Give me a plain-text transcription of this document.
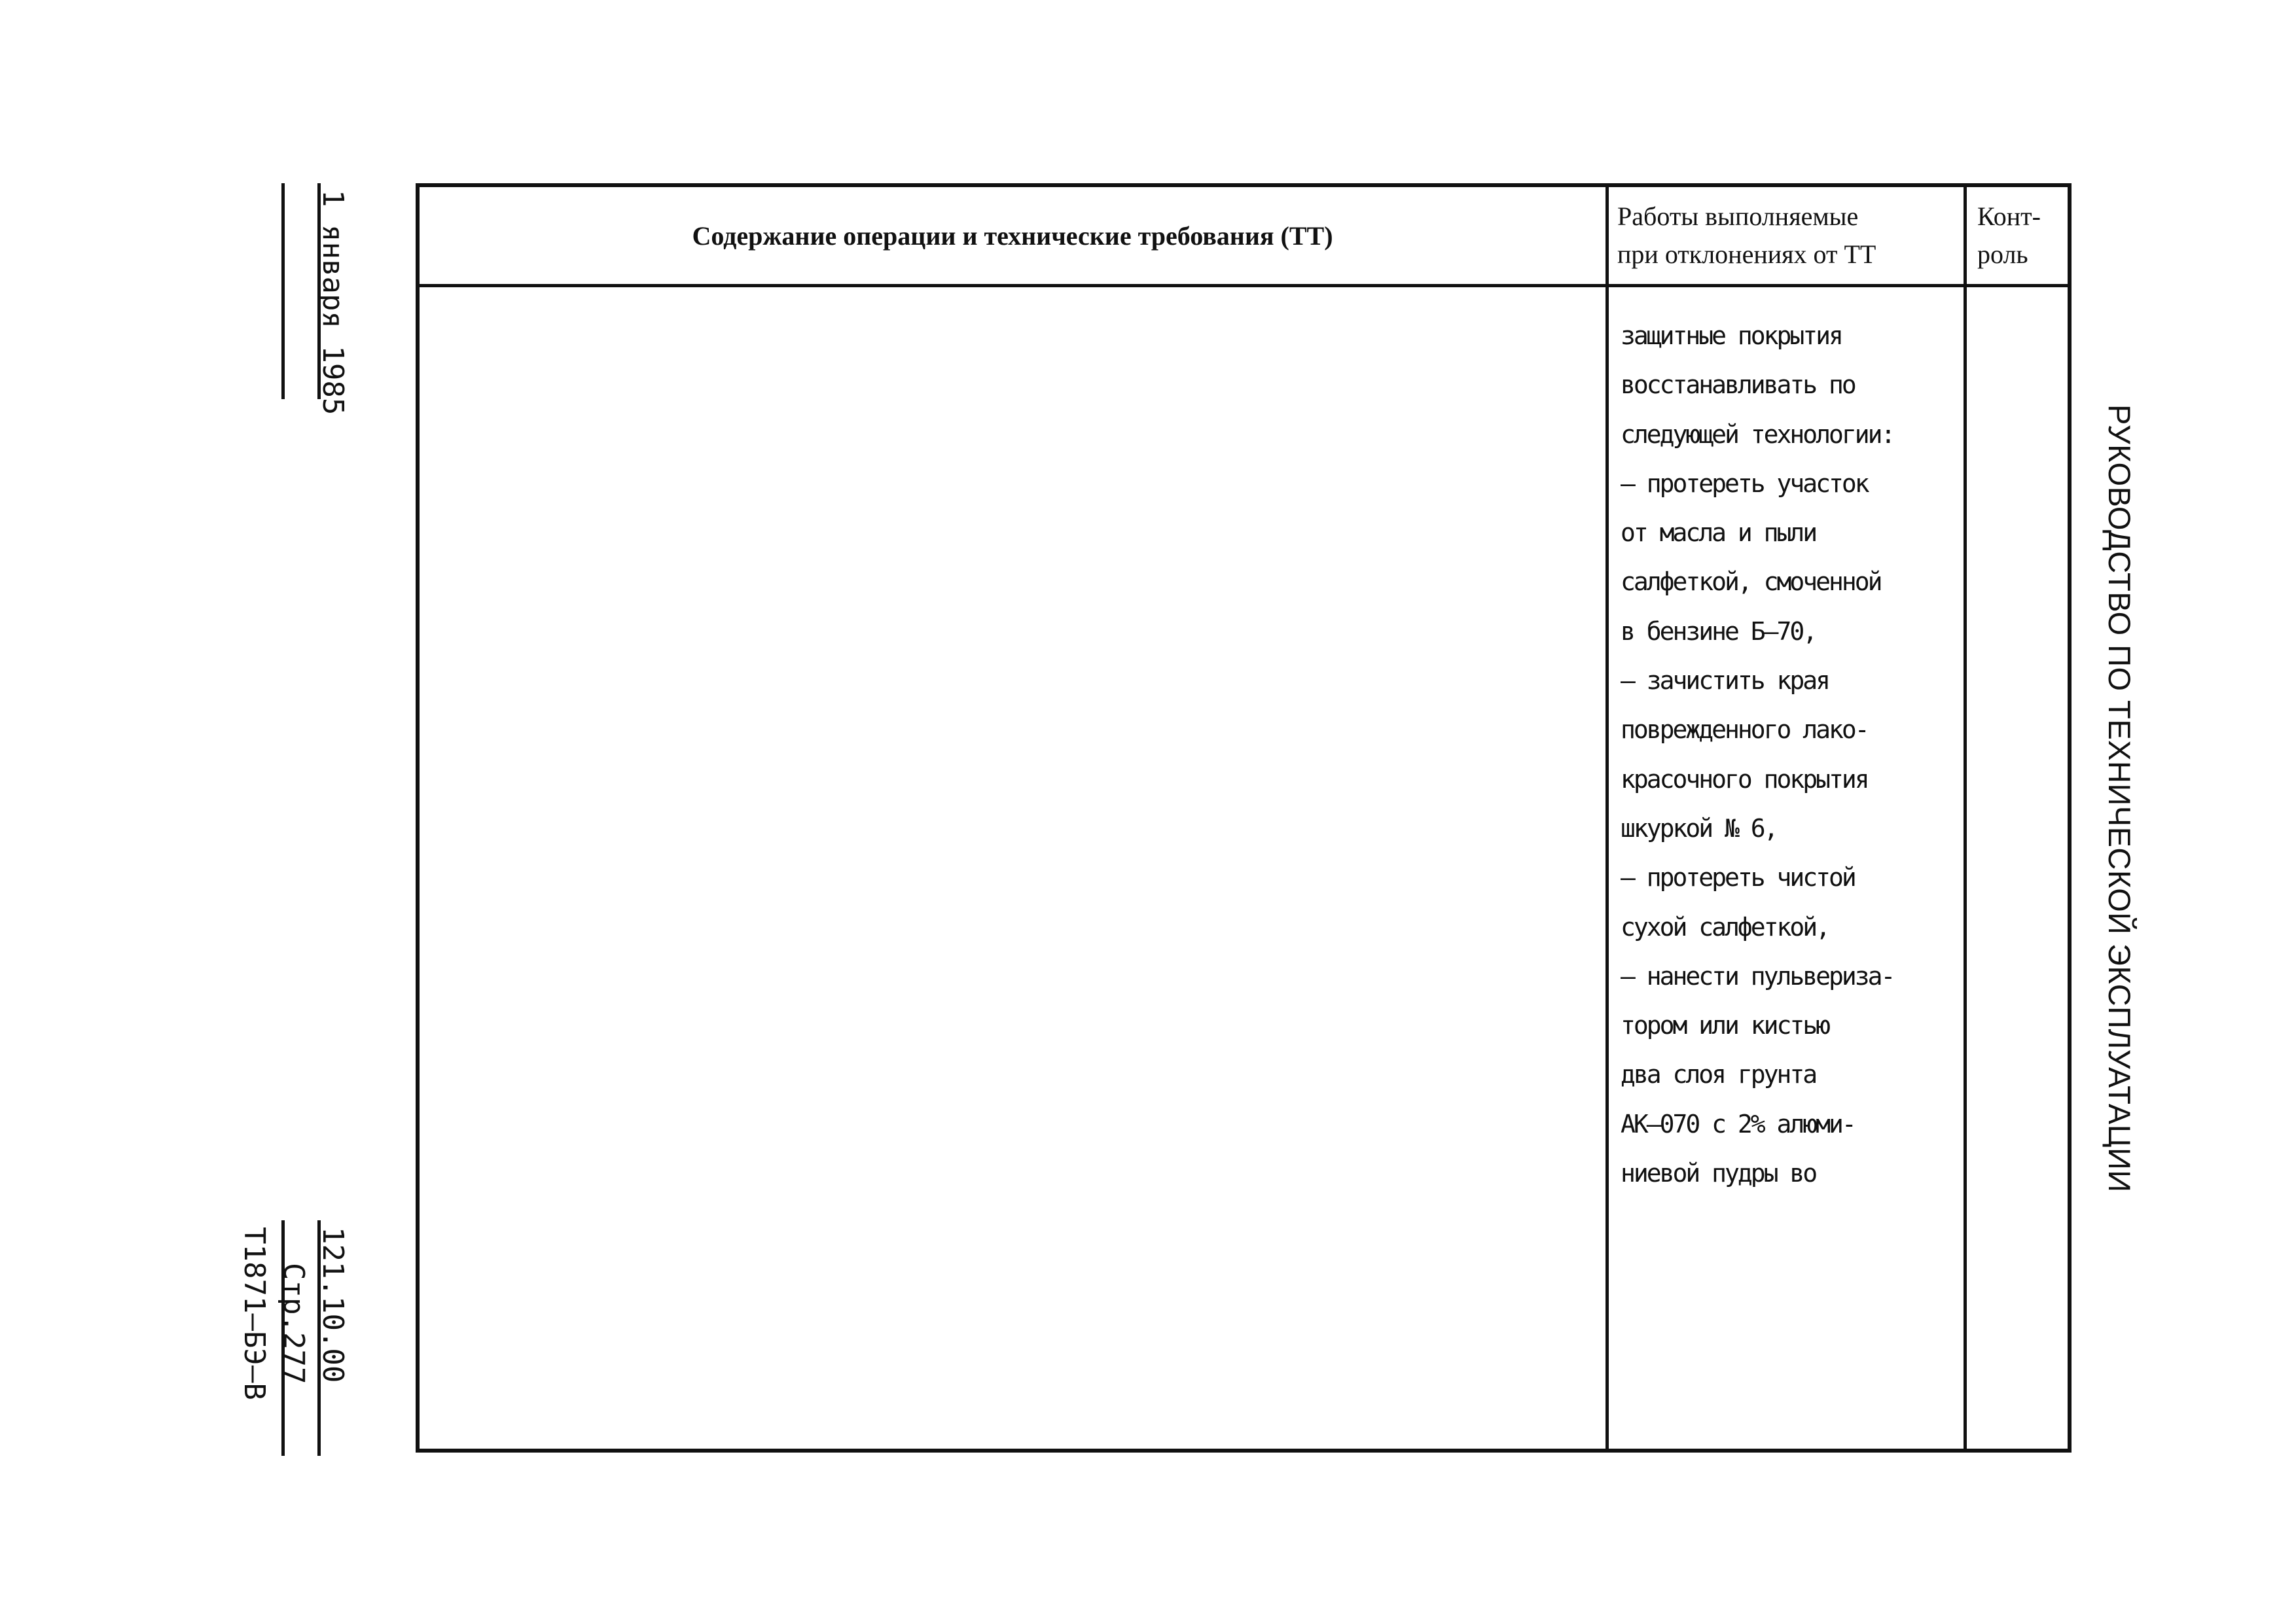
Содержание операции и технические требования (ТТ)
Работы выполняемые
при отклонениях от ТТ
Конт-
роль
защитные покрытия
восстанавливать по
следующей технологии:
– протереть участок
от масла и пыли
салфеткой, смоченной
в бензине Б–70,
– зачистить края
поврежденного лако-
красочного покрытия
шкуркой № 6,
– протереть чистой
сухой салфеткой,
– нанести пульвериза-
тором или кистью
два слоя грунта
АК–070 с 2% алюми-
ниевой пудры во
1 января 1985
121.10.00
Стр.277
Т1871–БЭ–В
РУКОВОДСТВО ПО ТЕХНИЧЕСКОЙ ЭКСПЛУАТАЦИИ
